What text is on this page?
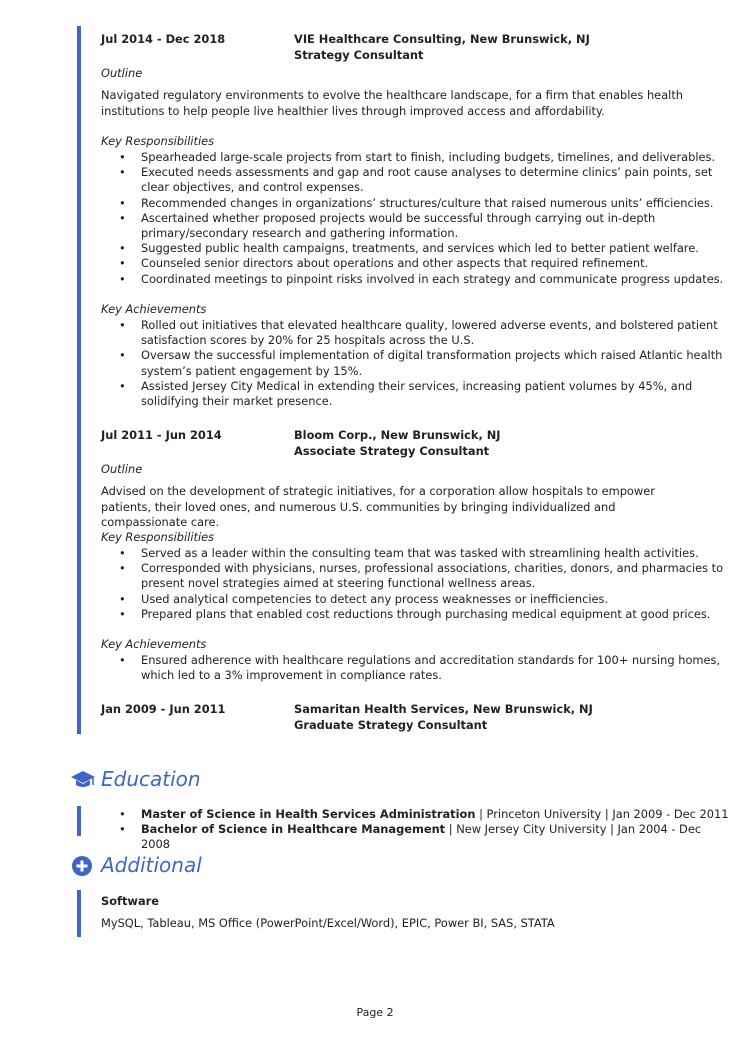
Jul 2014 - Dec 2018	VIE Healthcare Consulting, New Brunswick, NJ
Strategy Consultant
Outline

Navigated regulatory environments to evolve the healthcare landscape, for a firm that enables health institutions to help people live healthier lives through improved access and affordability.

Key Responsibilities
• Spearheaded large-scale projects from start to finish, including budgets, timelines, and deliverables.
• Executed needs assessments and gap and root cause analyses to determine clinics’ pain points, set clear objectives, and control expenses.
• Recommended changes in organizations’ structures/culture that raised numerous units’ efficiencies.
• Ascertained whether proposed projects would be successful through carrying out in-depth primary/secondary research and gathering information.
• Suggested public health campaigns, treatments, and services which led to better patient welfare.
• Counseled senior directors about operations and other aspects that required refinement.
• Coordinated meetings to pinpoint risks involved in each strategy and communicate progress updates.
Key Achievements
• Rolled out initiatives that elevated healthcare quality, lowered adverse events, and bolstered patient satisfaction scores by 20% for 25 hospitals across the U.S.
• Oversaw the successful implementation of digital transformation projects which raised Atlantic health system’s patient engagement by 15%.
• Assisted Jersey City Medical in extending their services, increasing patient volumes by 45%, and solidifying their market presence.
Jul 2011 - Jun 2014	Bloom Corp., New Brunswick, NJ
Associate Strategy Consultant
Outline

Advised on the development of strategic initiatives, for a corporation allow hospitals to empower patients, their loved ones, and numerous U.S. communities by bringing individualized and compassionate care.

Key Responsibilities
• Served as a leader within the consulting team that was tasked with streamlining health activities.
• Corresponded with physicians, nurses, professional associations, charities, donors, and pharmacies to present novel strategies aimed at steering functional wellness areas.
• Used analytical competencies to detect any process weaknesses or inefficiencies.
• Prepared plans that enabled cost reductions through purchasing medical equipment at good prices.
Key Achievements
• Ensured adherence with healthcare regulations and accreditation standards for 100+ nursing homes, which led to a 3% improvement in compliance rates.
Jan 2009 - Jun 2011	Samaritan Health Services, New Brunswick, NJ
Graduate Strategy Consultant
Education
• Master of Science in Health Services Administration | Princeton University | Jan 2009 - Dec 2011
• Bachelor of Science in Healthcare Management | New Jersey City University | Jan 2004 - Dec 2008
Additional
Software
MySQL, Tableau, MS Office (PowerPoint/Excel/Word), EPIC, Power BI, SAS, STATA
Page 2
